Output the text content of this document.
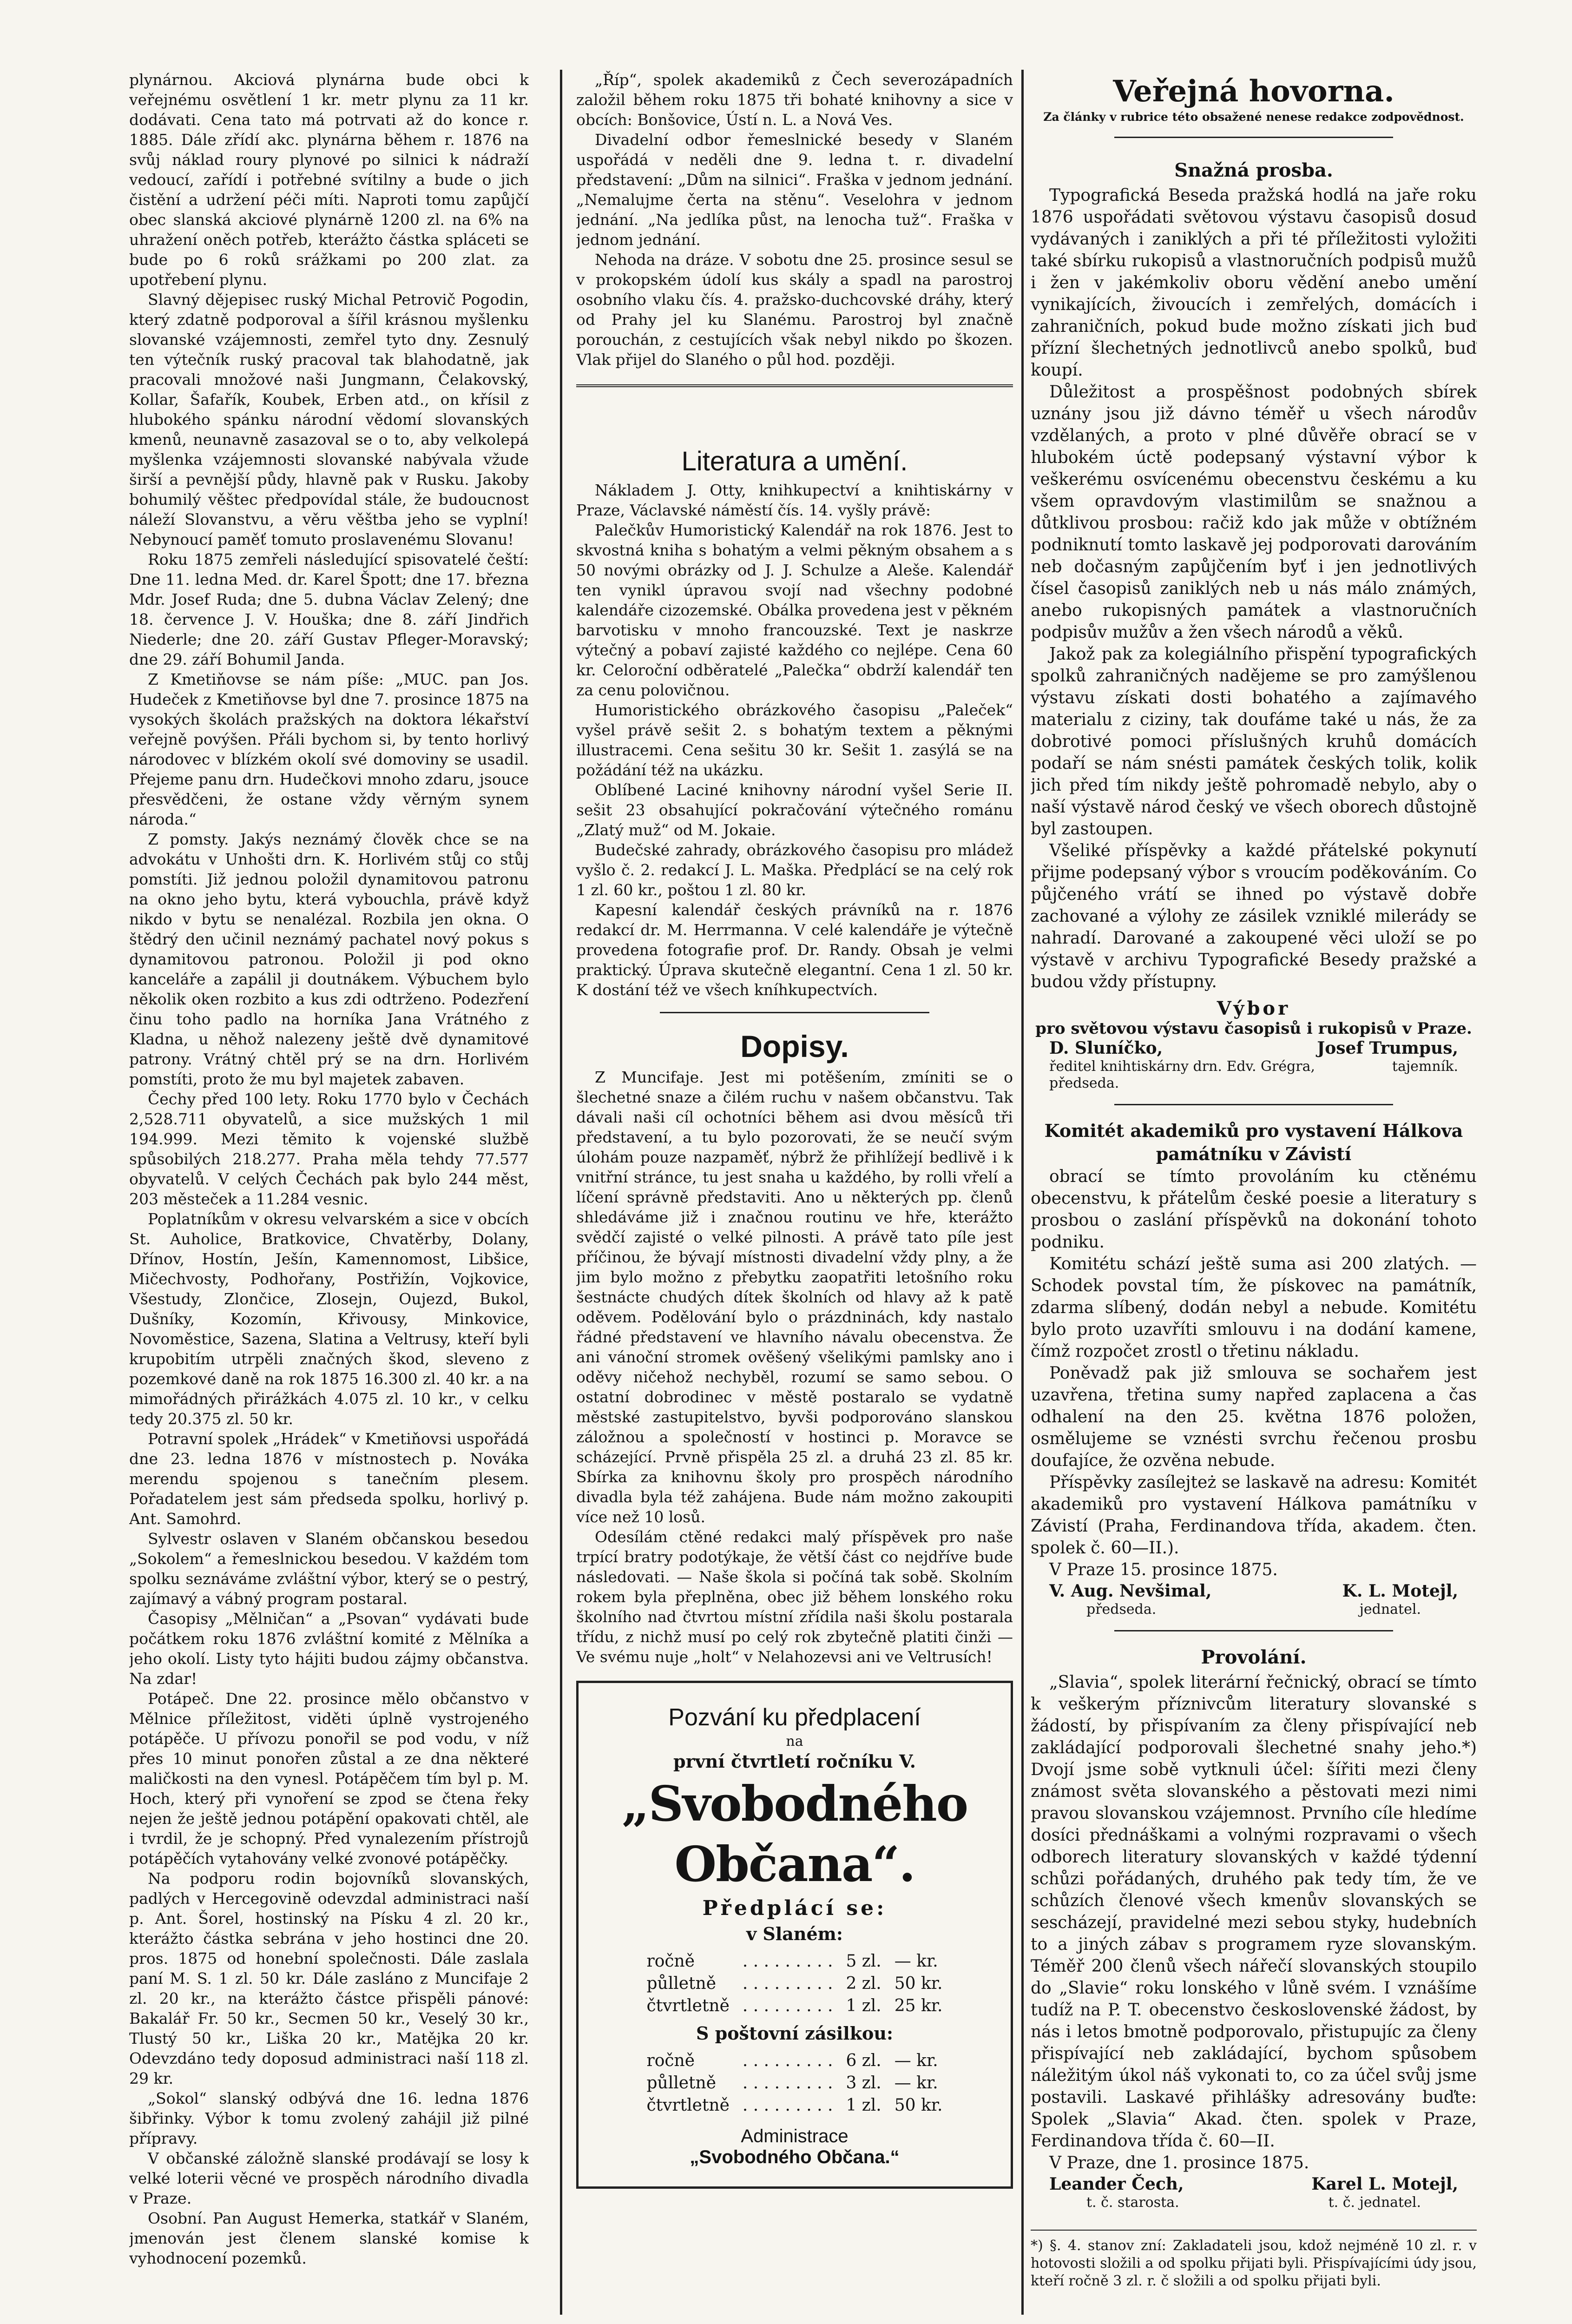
plynárnou. Akciová plynárna bude obci k veřejnému osvětlení 1 kr. metr plynu za 11 kr. dodávati. Cena tato má potrvati až do konce r. 1885. Dále zřídí akc. plynárna během r. 1876 na svůj náklad roury plynové po silnici k nádraží vedoucí, zařídí i potřebné svítilny a bude o jich čistění a udržení péči míti. Naproti tomu zapůjčí obec slanská akciové plynárně 1200 zl. na 6% na uhražení oněch potřeb, kterážto částka spláceti se bude po 6 roků srážkami po 200 zlat. za upotřebení plynu.

Slavný dějepisec ruský Michal Petrovič Pogodin, který zdatně podporoval a šířil krásnou myšlenku slovanské vzájemnosti, zemřel tyto dny. Zesnulý ten výtečník ruský pracoval tak blahodatně, jak pracovali množové naši Jungmann, Čelakovský, Kollar, Šafařík, Koubek, Erben atd., on křísil z hlubokého spánku národní vědomí slovanských kmenů, neunavně zasazoval se o to, aby velkolepá myšlenka vzájemnosti slovanské nabývala vžude širší a pevnější půdy, hlavně pak v Rusku. Jakoby bohumilý věštec předpovídal stále, že budoucnost náleží Slovanstvu, a věru věštba jeho se vyplní! Nebynoucí paměť tomuto proslavenému Slovanu!

Roku 1875 zemřeli následující spisovatelé čeští: Dne 11. ledna Med. dr. Karel Špott; dne 17. března Mdr. Josef Ruda; dne 5. dubna Václav Zelený; dne 18. července J. V. Houška; dne 8. září Jindřich Niederle; dne 20. září Gustav Pfleger-Moravský; dne 29. září Bohumil Janda.

Z Kmetiňovse se nám píše: „MUC. pan Jos. Hudeček z Kmetiňovse byl dne 7. prosince 1875 na vysokých školách pražských na doktora lékařství veřejně povýšen. Přáli bychom si, by tento horlivý národovec v blízkém okolí své domoviny se usadil. Přejeme panu drn. Hudečkovi mnoho zdaru, jsouce přesvědčeni, že ostane vždy věrným synem národa.“

Z pomsty. Jakýs neznámý člověk chce se na advokátu v Unhošti drn. K. Horlivém stůj co stůj pomstíti. Již jednou položil dynamitovou patronu na okno jeho bytu, která vybouchla, právě když nikdo v bytu se nenalézal. Rozbila jen okna. O štědrý den učinil neznámý pachatel nový pokus s dynamitovou patronou. Položil ji pod okno kanceláře a zapálil ji doutnákem. Výbuchem bylo několik oken rozbito a kus zdi odtrženo. Podezření činu toho padlo na horníka Jana Vrátného z Kladna, u něhož nalezeny ještě dvě dynamitové patrony. Vrátný chtěl prý se na drn. Horlivém pomstíti, proto že mu byl majetek zabaven.

Čechy před 100 lety. Roku 1770 bylo v Čechách 2,528.711 obyvatelů, a sice mužských 1 mil 194.999. Mezi těmito k vojenské službě spůsobilých 218.277. Praha měla tehdy 77.577 obyvatelů. V celých Čechách pak bylo 244 měst, 203 městeček a 11.284 vesnic.

Poplatníkům v okresu velvarském a sice v obcích St. Auholice, Bratkovice, Chvatěrby, Dolany, Dřínov, Hostín, Ješín, Kamennomost, Libšice, Mičechvosty, Podhořany, Postřižín, Vojkovice, Všestudy, Zlončice, Zlosejn, Oujezd, Bukol, Dušníky, Kozomín, Křivousy, Minkovice, Novoměstice, Sazena, Slatina a Veltrusy, kteří byli krupobitím utrpěli značných škod, sleveno z pozemkové daně na rok 1875 16.300 zl. 40 kr. a na mimořádných přirážkách 4.075 zl. 10 kr., v celku tedy 20.375 zl. 50 kr.

Potravní spolek „Hrádek“ v Kmetiňovsi uspořádá dne 23. ledna 1876 v místnostech p. Nováka merendu spojenou s tanečním plesem. Pořadatelem jest sám předseda spolku, horlivý p. Ant. Samohrd.

Sylvestr oslaven v Slaném občanskou besedou „Sokolem“ a řemeslnickou besedou. V každém tom spolku seznáváme zvláštní výbor, který se o pestrý, zajímavý a vábný program postaral.

Časopisy „Mělničan“ a „Psovan“ vydávati bude počátkem roku 1876 zvláštní komité z Mělníka a jeho okolí. Listy tyto hájiti budou zájmy občanstva. Na zdar!

Potápeč. Dne 22. prosince mělo občanstvo v Mělnice příležitost, viděti úplně vystrojeného potápěče. U přívozu ponořil se pod vodu, v níž přes 10 minut ponořen zůstal a ze dna některé maličkosti na den vynesl. Potápěčem tím byl p. M. Hoch, který při vynoření se zpod se čtena řeky nejen že ještě jednou potápění opakovati chtěl, ale i tvrdil, že je schopný. Před vynalezením přístrojů potápěčích vytahovány velké zvonové potápěčky.

Na podporu rodin bojovníků slovanských, padlých v Hercegovině odevzdal administraci naší p. Ant. Šorel, hostinský na Písku 4 zl. 20 kr., kterážto částka sebrána v jeho hostinci dne 20. pros. 1875 od honební společnosti. Dále zaslala paní M. S. 1 zl. 50 kr. Dále zasláno z Muncifaje 2 zl. 20 kr., na kterážto částce přispěli pánové: Bakalář Fr. 50 kr., Secmen 50 kr., Veselý 30 kr., Tlustý 50 kr., Liška 20 kr., Matějka 20 kr. Odevzdáno tedy doposud administraci naší 118 zl. 29 kr.

„Sokol“ slanský odbývá dne 16. ledna 1876 šibřinky. Výbor k tomu zvolený zahájil již pilné přípravy.

V občanské záložně slanské prodávají se losy k velké loterii věcné ve prospěch národního divadla v Praze.

Osobní. Pan August Hemerka, statkář v Slaném, jmenován jest členem slanské komise k vyhodnocení pozemků.

„Říp“, spolek akademiků z Čech severozápadních založil během roku 1875 tři bohaté knihovny a sice v obcích: Bonšovice, Ústí n. L. a Nová Ves.

Divadelní odbor řemeslnické besedy v Slaném uspořádá v neděli dne 9. ledna t. r. divadelní představení: „Dům na silnici“. Fraška v jednom jednání. „Nemalujme čerta na stěnu“. Veselohra v jednom jednání. „Na jedlíka půst, na lenocha tuž“. Fraška v jednom jednání.

Nehoda na dráze. V sobotu dne 25. prosince sesul se v prokopském údolí kus skály a spadl na parostroj osobního vlaku čís. 4. pražsko-duchcovské dráhy, který od Prahy jel ku Slanému. Parostroj byl značně porouchán, z cestujících však nebyl nikdo po škozen. Vlak přijel do Slaného o půl hod. později.

Literatura a umění.

Nákladem J. Otty, knihkupectví a knihtiskárny v Praze, Václavské náměstí čís. 14. vyšly právě:

Palečkův Humoristický Kalendář na rok 1876. Jest to skvostná kniha s bohatým a velmi pěkným obsahem a s 50 novými obrázky od J. J. Schulze a Aleše. Kalendář ten vynikl úpravou svojí nad všechny podobné kalendáře cizozemské. Obálka provedena jest v pěkném barvotisku v mnoho francouzské. Text je naskrze výtečný a pobaví zajisté každého co nejlépe. Cena 60 kr. Celoroční odběratelé „Palečka“ obdrží kalendář ten za cenu polovičnou.

Humoristického obrázkového časopisu „Paleček“ vyšel právě sešit 2. s bohatým textem a pěknými illustracemi. Cena sešitu 30 kr. Sešit 1. zasýlá se na požádání též na ukázku.

Oblíbené Laciné knihovny národní vyšel Serie II. sešit 23 obsahující pokračování výtečného románu „Zlatý muž“ od M. Jokaie.

Budečské zahrady, obrázkového časopisu pro mládež vyšlo č. 2. redakcí J. L. Maška. Předplácí se na celý rok 1 zl. 60 kr., poštou 1 zl. 80 kr.

Kapesní kalendář českých právníků na r. 1876 redakcí dr. M. Herrmanna. V celé kalendáře je výtečně provedena fotografie prof. Dr. Randy. Obsah je velmi praktický. Úprava skutečně elegantní. Cena 1 zl. 50 kr. K dostání též ve všech kníhkupectvích.

Dopisy.

Z Muncifaje. Jest mi potěšením, zmíniti se o šlechetné snaze a čilém ruchu v našem občanstvu. Tak dávali naši cíl ochotníci během asi dvou měsíců tři představení, a tu bylo pozorovati, že se neučí svým úlohám pouze nazpaměť, nýbrž že přihlížejí bedlivě i k vnitřní stránce, tu jest snaha u každého, by rolli vřelí a líčení správně představiti. Ano u některých pp. členů shledáváme již i značnou routinu ve hře, kterážto svědčí zajisté o velké pilnosti. A právě tato píle jest příčinou, že bývají místnosti divadelní vždy plny, a že jim bylo možno z přebytku zaopatřiti letošního roku šestnácte chudých dítek školních od hlavy až k patě oděvem. Podělování bylo o prázdninách, kdy nastalo řádné představení ve hlavního návalu obecenstva. Že ani vánoční stromek ověšený všelikými pamlsky ano i oděvy ničehož nechyběl, rozumí se samo sebou. O ostatní dobrodinec v městě postaralo se vydatně městské zastupitelstvo, byvši podporováno slanskou záložnou a společností v hostinci p. Moravce se scházející. Prvně přispěla 25 zl. a druhá 23 zl. 85 kr. Sbírka za knihovnu školy pro prospěch národního divadla byla též zahájena. Bude nám možno zakoupiti více než 10 losů.

Odesílám ctěné redakci malý příspěvek pro naše trpící bratry podotýkaje, že větší část co nejdříve bude následovati. — Naše škola si počíná tak sobě. Skolním rokem byla přeplněna, obec již během lonského roku školního nad čtvrtou místní zřídila naši školu postarala třídu, z nichž musí po celý rok zbytečně platiti činži — Ve svému nuje „holt“ v Nelahozevsi ani ve Veltrusích!

Pozvání ku předplacení
na
první čtvrtletí ročníku V.
„Svobodného Občana“.
Předplácí se:
v Slaném:
ročně	. . . . . . . . .	5 zl.	— kr.
půlletně	. . . . . . . . .	2 zl.	50 kr.
čtvrtletně	. . . . . . . . .	1 zl.	25 kr.
S poštovní zásilkou:
ročně	. . . . . . . . .	6 zl.	— kr.
půlletně	. . . . . . . . .	3 zl.	— kr.
čtvrtletně	. . . . . . . . .	1 zl.	50 kr.
Administrace
„Svobodného Občana.“
Veřejná hovorna.
Za články v rubrice této obsažené nenese redakce zodpovědnost.
Snažná prosba.

Typografická Beseda pražská hodlá na jaře roku 1876 uspořádati světovou výstavu časopisů dosud vydávaných i zaniklých a při té příležitosti vyložiti také sbírku rukopisů a vlastnoručních podpisů mužů i žen v jakémkoliv oboru vědění anebo umění vynikajících, živoucích i zemřelých, domácích i zahraničních, pokud bude možno získati jich buď přízní šlechetných jednotlivců anebo spolků, buď koupí.

Důležitost a prospěšnost podobných sbírek uznány jsou již dávno téměř u všech národův vzdělaných, a proto v plné důvěře obrací se v hlubokém úctě podepsaný výstavní výbor k veškerému osvícenému obecenstvu českému a ku všem opravdovým vlastimilům se snažnou a důtklivou prosbou: račiž kdo jak může v obtížném podniknutí tomto laskavě jej podporovati darováním neb dočasným zapůjčením byť i jen jednotlivých čísel časopisů zaniklých neb u nás málo známých, anebo rukopisných památek a vlastnoručních podpisův mužův a žen všech národů a věků.

Jakož pak za kolegiálního přispění typografických spolků zahraničných nadějeme se pro zamýšlenou výstavu získati dosti bohatého a zajímavého materialu z ciziny, tak doufáme také u nás, že za dobrotivé pomoci příslušných kruhů domácích podaří se nám snésti památek českých tolik, kolik jich před tím nikdy ještě pohromadě nebylo, aby o naší výstavě národ český ve všech oborech důstojně byl zastoupen.

Všeliké příspěvky a každé přátelské pokynutí přijme podepsaný výbor s vroucím poděkováním. Co půjčeného vrátí se ihned po výstavě dobře zachované a výlohy ze zásilek vzniklé milerády se nahradí. Darované a zakoupené věci uloží se po výstavě v archivu Typografické Besedy pražské a budou vždy přístupny.

Výbor
pro světovou výstavu časopisů i rukopisů v Praze.
D. Sluníčko,	Josef Trumpus,
ředitel knihtiskárny drn. Edv. Grégra, předseda.
tajemník.
Komitét akademiků pro vystavení Hálkova památníku v Závistí

obrací se tímto provoláním ku ctěnému obecenstvu, k přátelům české poesie a literatury s prosbou o zaslání příspěvků na dokonání tohoto podniku.

Komitétu schází ještě suma asi 200 zlatých. — Schodek povstal tím, že pískovec na památník, zdarma slíbený, dodán nebyl a nebude. Komitétu bylo proto uzavříti smlouvu i na dodání kamene, čímž rozpočet zrostl o třetinu nákladu.

Poněvadž pak již smlouva se sochařem jest uzavřena, třetina sumy napřed zaplacena a čas odhalení na den 25. května 1876 položen, osmělujeme se vznésti svrchu řečenou prosbu doufajíce, že ozvěna nebude.

Příspěvky zasílejteż se laskavě na adresu: Komitét akademiků pro vystavení Hálkova památníku v Závistí (Praha, Ferdinandova třída, akadem. čten. spolek č. 60—II.).

V Praze 15. prosince 1875.

V. Aug. Nevšimal,	K. L. Motejl,
předseda.	jednatel.
Provolání.

„Slavia“, spolek literární řečnický, obrací se tímto k veškerým příznivcům literatury slovanské s žádostí, by přispívaním za členy přispívající neb zakládající podporovali šlechetné snahy jeho.*) Dvojí jsme sobě vytknuli účel: šířiti mezi členy známost světa slovanského a pěstovati mezi nimi pravou slovanskou vzájemnost. Prvního cíle hledíme dosíci přednáškami a volnými rozpravami o všech odborech literatury slovanských v každé týdenní schůzi pořádaných, druhého pak tedy tím, že ve schůzích členové všech kmenův slovanských se sescházejí, pravidelné mezi sebou styky, hudebních to a jiných zábav s programem ryze slovanským. Téměř 200 členů všech nářečí slovanských stoupilo do „Slavie“ roku lonského v lůně svém. I vznášíme tudíž na P. T. obecenstvo československé žádost, by nás i letos bmotně podporovalo, přistupujíc za členy přispívající neb zakládající, bychom spůsobem náležitým úkol náš vykonati to, co za účel svůj jsme postavili. Laskavé přihlášky adresovány buďte: Spolek „Slavia“ Akad. čten. spolek v Praze, Ferdinandova třída č. 60—II.

V Praze, dne 1. prosince 1875.

Leander Čech,	Karel L. Motejl,
t. č. starosta.	t. č. jednatel.
*) §. 4. stanov zní: Zakladateli jsou, kdož nejméně 10 zl. r. v hotovosti složili a od spolku přijati byli. Přispívajícími údy jsou, kteří ročně 3 zl. r. č složili a od spolku přijati byli.
